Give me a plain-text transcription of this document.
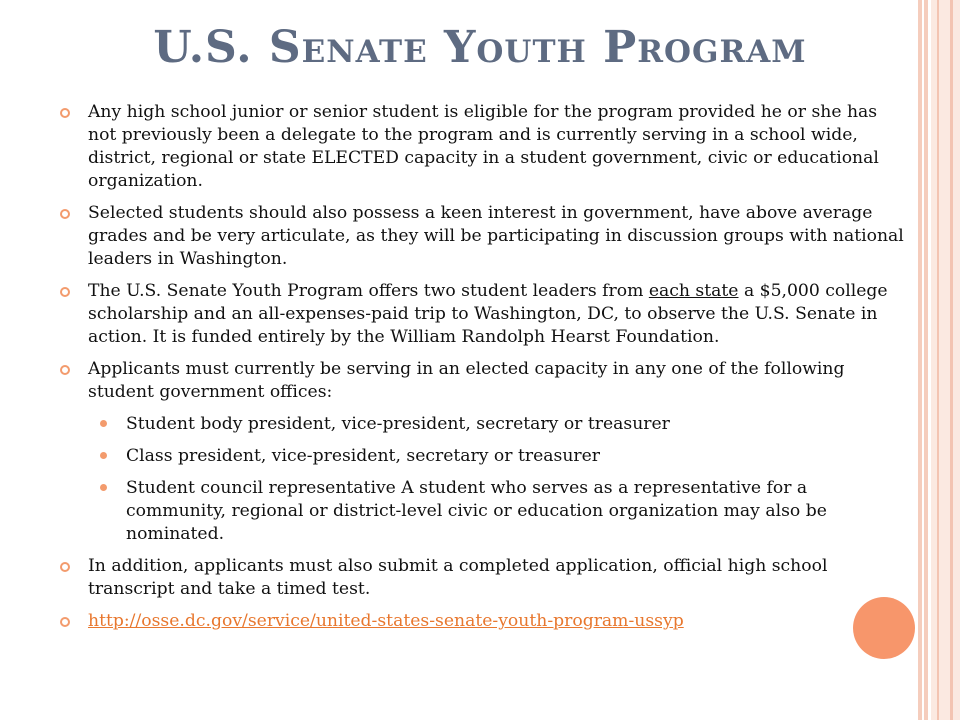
U.S. Senate Youth Program
Any high school junior or senior student is eligible for the program provided he or she has not previously been a delegate to the program and is currently serving in a school wide, district, regional or state ELECTED capacity in a student government, civic or educational organization.
Selected students should also possess a keen interest in government, have above average grades and be very articulate, as they will be participating in discussion groups with national leaders in Washington.
The U.S. Senate Youth Program offers two student leaders from each state a $5,000 college scholarship and an all-expenses-paid trip to Washington, DC, to observe the U.S. Senate in action. It is funded entirely by the William Randolph Hearst Foundation.
Applicants must currently be serving in an elected capacity in any one of the following student government offices:
Student body president, vice-president, secretary or treasurer
Class president, vice-president, secretary or treasurer
Student council representative A student who serves as a representative for a community, regional or district-level civic or education organization may also be nominated.
In addition, applicants must also submit a completed application, official high school transcript and take a timed test.
http://osse.dc.gov/service/united-states-senate-youth-program-ussyp
